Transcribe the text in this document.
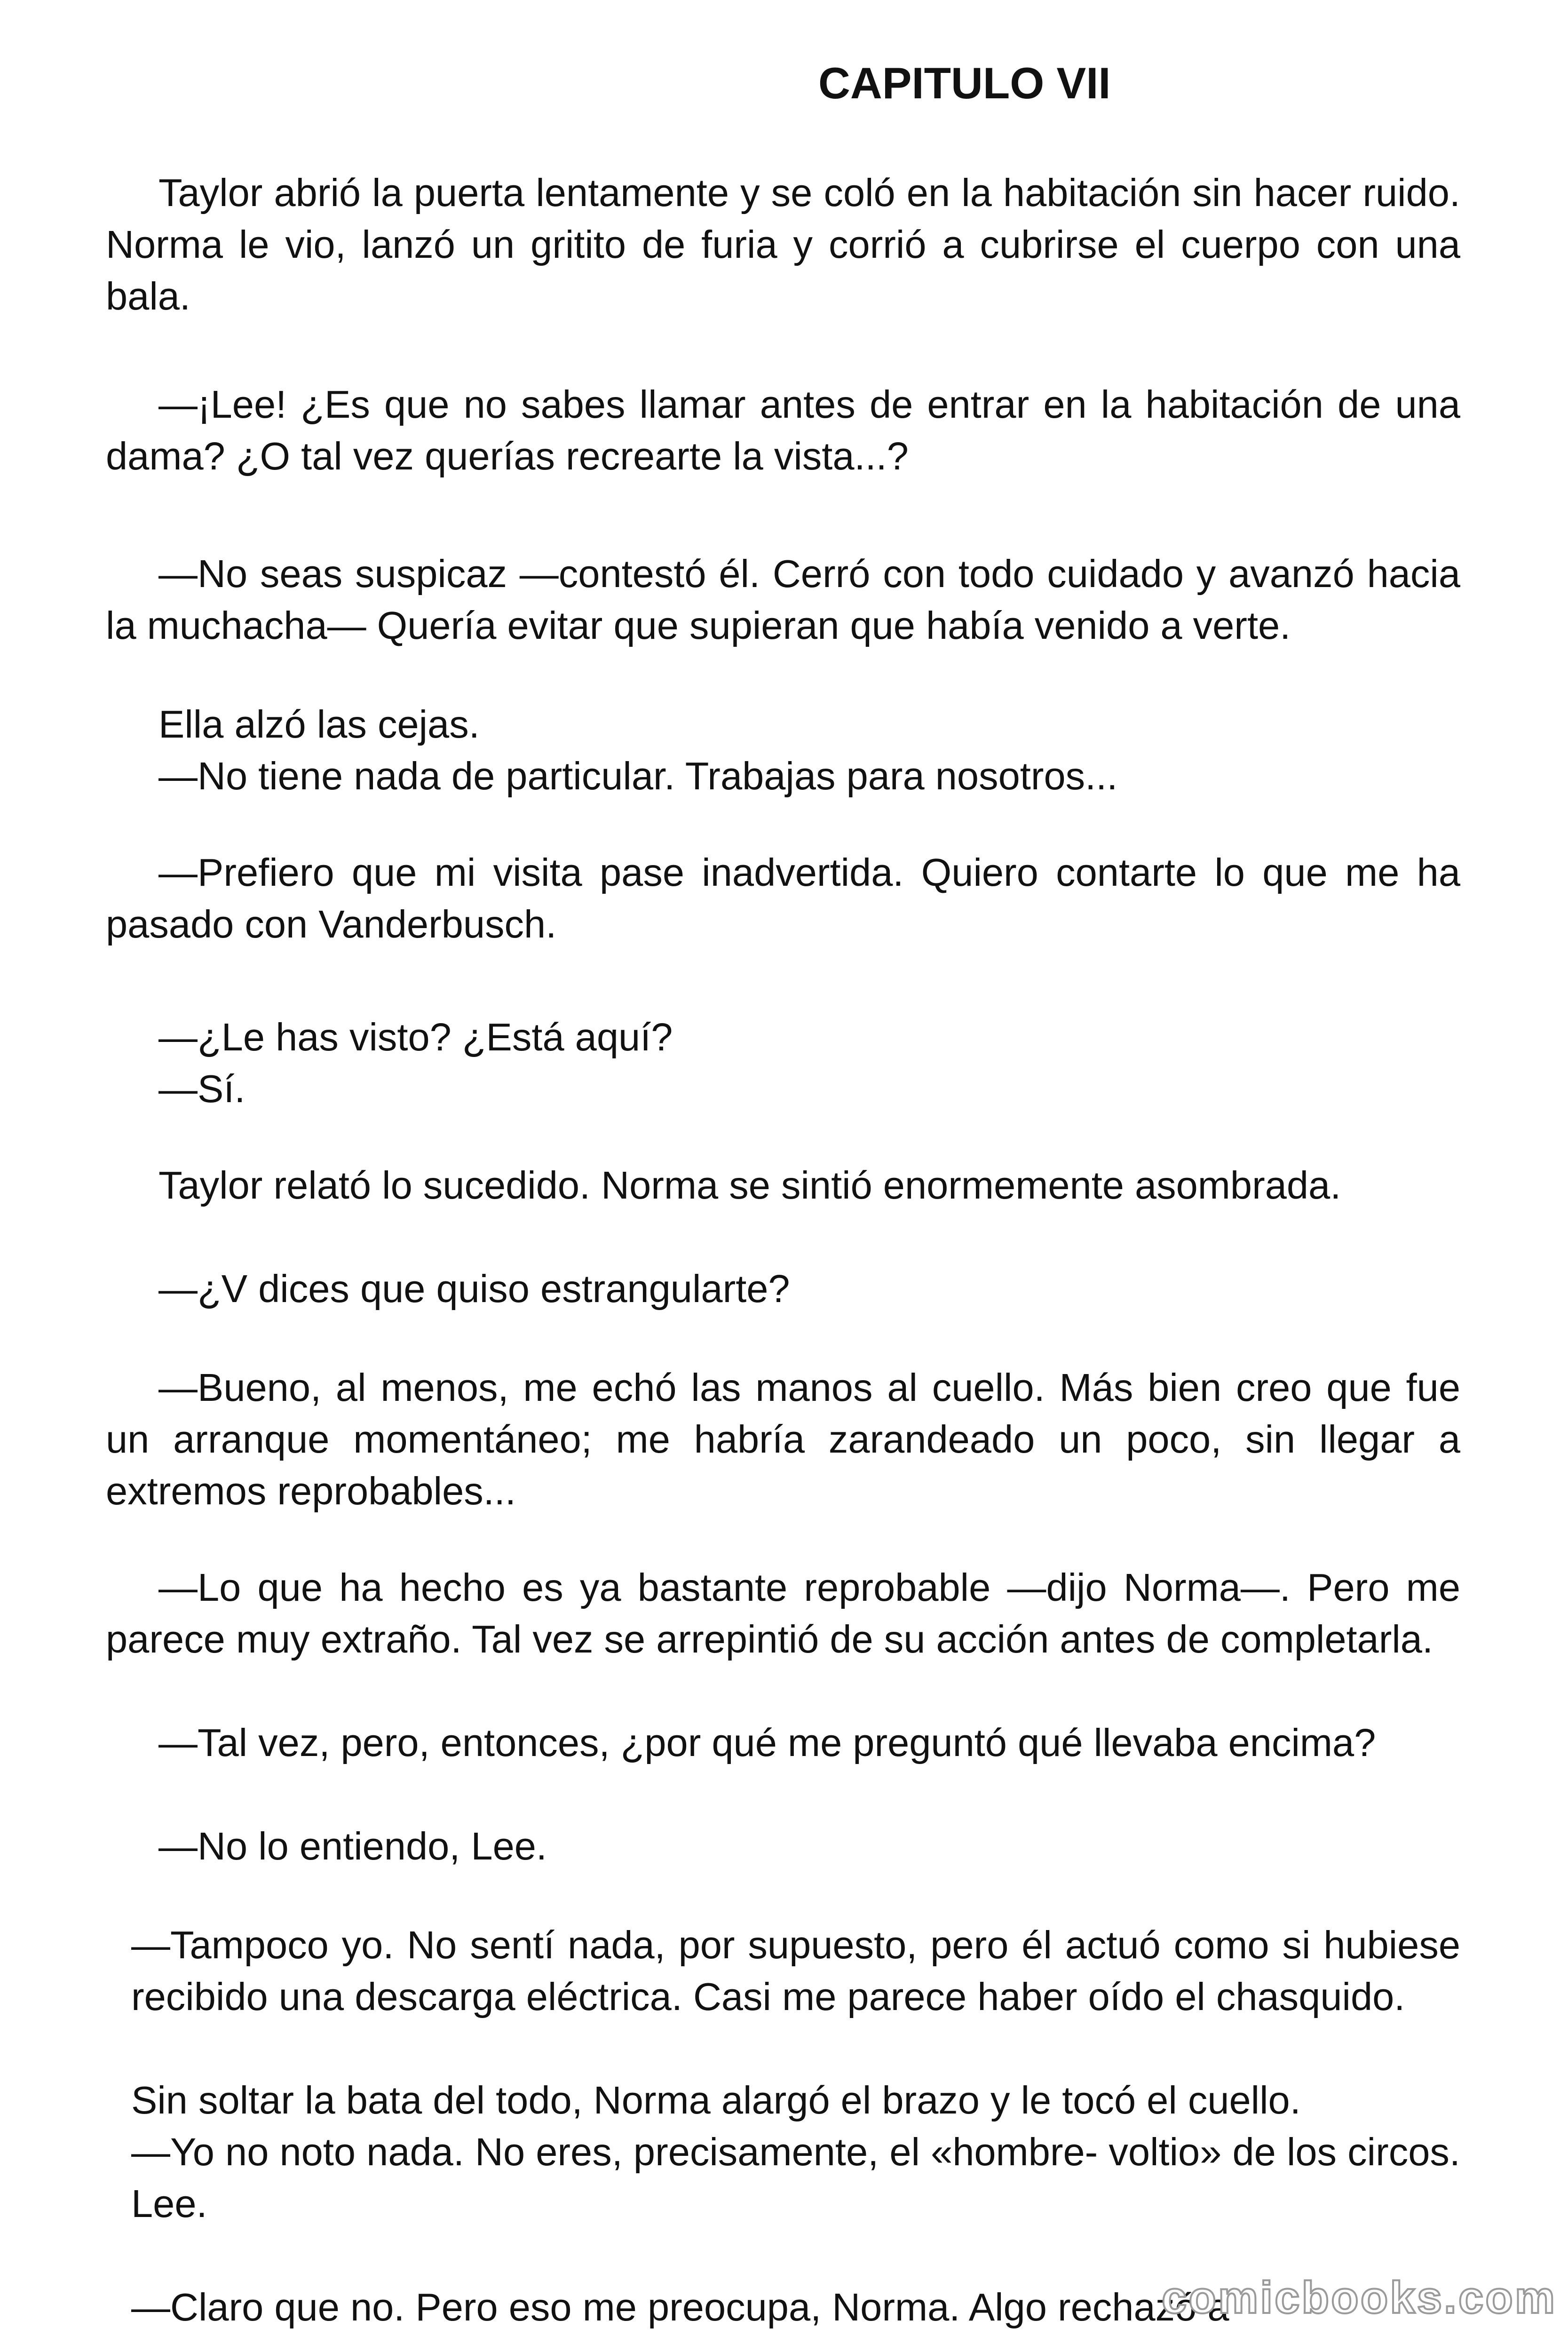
CAPITULO VII

Taylor abrió la puerta lentamente y se coló en la habitación sin hacer ruido. Norma le vio, lanzó un gritito de furia y corrió a cubrirse el cuerpo con una bala.

—¡Lee! ¿Es que no sabes llamar antes de entrar en la habitación de una dama? ¿O tal vez querías recrearte la vista...?

—No seas suspicaz —contestó él. Cerró con todo cuidado y avanzó hacia la muchacha— Quería evitar que supieran que había venido a verte.

Ella alzó las cejas.

—No tiene nada de particular. Trabajas para nosotros...

—Prefiero que mi visita pase inadvertida. Quiero contarte lo que me ha pasado con Vanderbusch.

—¿Le has visto? ¿Está aquí?

—Sí.

Taylor relató lo sucedido. Norma se sintió enormemente asombrada.

—¿V dices que quiso estrangularte?

—Bueno, al menos, me echó las manos al cuello. Más bien creo que fue un arranque momentáneo; me habría zarandeado un poco, sin llegar a extremos reprobables...

—Lo que ha hecho es ya bastante reprobable —dijo Norma—. Pero me parece muy extraño. Tal vez se arrepintió de su acción antes de completarla.

—Tal vez, pero, entonces, ¿por qué me preguntó qué llevaba encima?

—No lo entiendo, Lee.

—Tampoco yo. No sentí nada, por supuesto, pero él actuó como si hubiese recibido una descarga eléctrica. Casi me parece haber oído el chasquido.

Sin soltar la bata del todo, Norma alargó el brazo y le tocó el cuello.

—Yo no noto nada. No eres, precisamente, el «hombre- voltio» de los circos. Lee.

—Claro que no. Pero eso me preocupa, Norma. Algo rechazó a

comicbooks.com
